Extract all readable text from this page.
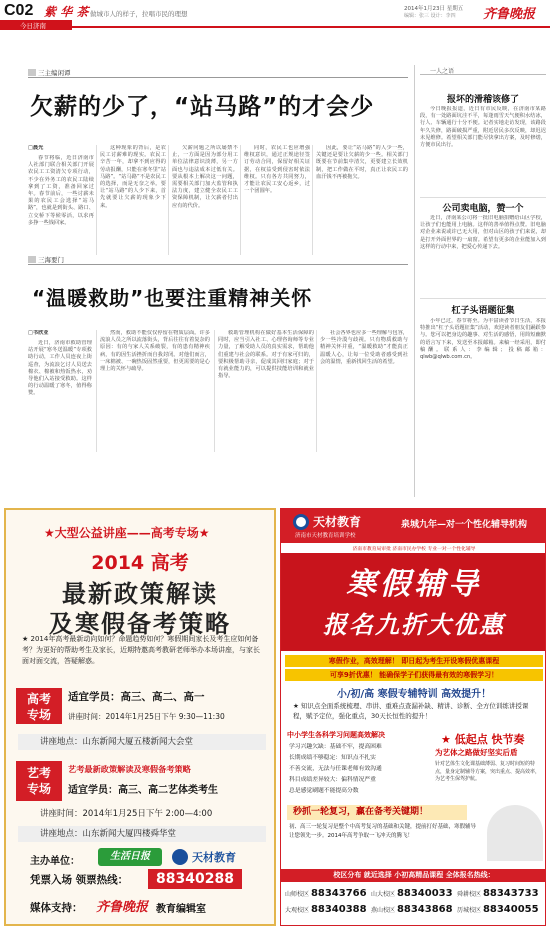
C02 紫 华 茶 做城市人的样子，拉唱市民的理想
今日济南
2014年1月23日 星期五
编辑：张三 设计：李四 齐鲁晚报
三主编闲谭
欠薪的少了，“站马路”的才会少
□晨光
春节将临，近日济南市人社部门联合相关部门开展农民工工资清欠专项行动，不少在外务工的农民工陆续拿到了工资，准备回家过年。春节前后，一些讨薪未果的农民工会选择“站马路”，也就是到街头、路口、立交桥下等候零活，以求再多挣一些钱回家。
这种现象的背后，是农民工讨薪难的现实。农民工辛苦一年，却拿不到应得的劳动报酬，只能在寒冬里“站马路”。“站马路”不是农民工的选择，而是无奈之举。要让“站马路”的人少下来，首先就要让欠薪的现象少下来。
欠薪问题之所以屡禁不止，一方面是因为部分用工单位法律意识淡薄，另一方面也与违法成本过低有关。要从根本上解决这一问题，需要相关部门加大监管和执法力度，建立健全农民工工资保障机制，让欠薪者付出应有的代价。
同时，农民工也应增强维权意识，通过正规途径签订劳动合同，保留好相关证据，在权益受到侵害时依法维权。只有各方共同努力，才能让农民工安心返乡，过一个团圆年。
因此，要让“站马路”的人少一些，关键还是要让欠薪的少一些。相关部门既要在节前集中清欠，更要建立长效机制，把工作做在平时，真正让农民工的血汗钱不再被拖欠。
一人之语
报坏的滑稽该修了
今日晚报报道，近日有市民反映，在济南市某路段，有一处路面坑洼不平，每逢雨雪天气便积水结冰，行人、车辆通行十分不便。记者实地走访发现，该路段年久失修，路面破损严重，附近居民多次反映，却迟迟未见维修。希望相关部门能尽快拿出方案，及时修缮，方便市民出行。
公司卖电脑，赞一个
近日，济南某公司将一批旧电脑捐赠给山区学校，让孩子们也能用上电脑。这样的善举值得点赞。旧电脑对企业来说或许已无大用，但对山区的孩子们来说，却是打开外面世界的一扇窗。希望有更多的企业能加入到这样的行动中来，把爱心传递下去。
杠子头语题征集
小年已过，春节将至。为丰富读者节日生活，本报特推出“杠子头语题征集”活动，欢迎读者朋友们踊跃参与。您可以把身边的趣事、对生活的感悟，用简短幽默的语言写下来，发送至本报邮箱。来稿一经采用，即付稿酬。联系人：李编辑；投稿邮箱：qlwb@qlwb.com.cn。
三海要门
“温暖救助”也要注重精神关怀
□书欣亚
近日，济南市救助管理站开展“寒冬送温暖”专项救助行动，工作人员连夜上街巡查，为流浪乞讨人员送去棉衣、棉被和热饭热水，劝导他们入站接受救助。这样的行动温暖了寒冬，值得称赞。
然而，救助不能仅仅停留在物质层面。许多流浪人员之所以流落街头，背后往往有着复杂的原因：有的与家人关系破裂，有的患有精神疾病，有的因生活挫折而自我封闭。对他们而言，一床棉被、一碗热饭固然重要，但更需要的是心理上的关怀与疏导。
救助管理机构在做好基本生活保障的同时，应当引入社工、心理咨询师等专业力量，了解受助人员的真实需求，帮助他们重建与社会的联系。对于有家可归的，要积极帮助寻亲，促成其回归家庭；对于有就业能力的，可以提供技能培训和就业指导。
社会各界也应多一些理解与包容，少一些冷漠与歧视。只有物质救助与精神关怀并重，“温暖救助”才能真正温暖人心，让每一位受助者感受到社会的温情，重新找回生活的希望。
★大型公益讲座——高考专场★
2014 高考
最新政策解读
及寒假备考策略
★ 2014年高考最新动向如何？命题趋势如何？寒假期间家长及考生应如何备考？为更好的帮助考生及家长，近期特邀高考教研老师举办本场讲座，与家长面对面交流，答疑解惑。
高考
专场
适宜学员：高三、高二、高一
讲座时间：2014年1月25日下午 9:30—11:30
讲座地点：山东新闻大厦五楼新闻大会堂
艺考
专场
艺考最新政策解读及寒假备考策略
适宜学员：高三、高二艺体类考生
讲座时间：2014年1月25日下午 2:00—4:00
讲座地点：山东新闻大厦四楼舜华堂
主办单位：	生活日报	天材教育
凭票入场 领票热线：	88340288
媒体支持： 齐鲁晚报 教育编辑室
天材教育
济南市天材教育培训学校
泉城九年—对一个性化辅导机构
济南市教育局审批 济南市民办学校 专业一对一个性化辅导
寒假辅导
报名九折大优惠
寒假作业，高效理解！ 即日起为考生开设寒假优惠课程
可享9折优惠！ 能确保学子们获得最有效的寒假学习！
小/初/高 寒假专辅特训 高效提升！
★ 知识点全面系统梳理、串讲、重难点查漏补缺、精讲、诊断、全方位训练讲授课程，赋予定位，强化重点，30天长恒性的提升！
中小学生各科学习问题高效解决
学习兴趣欠缺：基础不牢，提高困难
长期成绩不够稳定：知识点不扎实
不善交流，无法与任课老师有效沟通
科目成绩差异较大：偏科情况严重
总是感觉刷题不能提高分数
★ 低起点 快节奏
为艺体之路做好坚实后盾
针对艺体生文化课基础薄弱、复习时间短的特点，量身定制辅导方案，突出重点、提高效率，为艺考生保驾护航。
秒抓一轮复习，赢在备考关键期！
初、高三一轮复习是整个中高考复习的基础和关键，提前打好基础，寒假辅导让您领先一步。2014年高考争取一飞冲天的腾飞！
校区分布 就近选择 小初高精品课程 全体报名热线：
山师校区 88343766 山大校区 88340033 舜耕校区 88343733
大观校区 88340388 燕山校区 88343868 历城校区 88340055
